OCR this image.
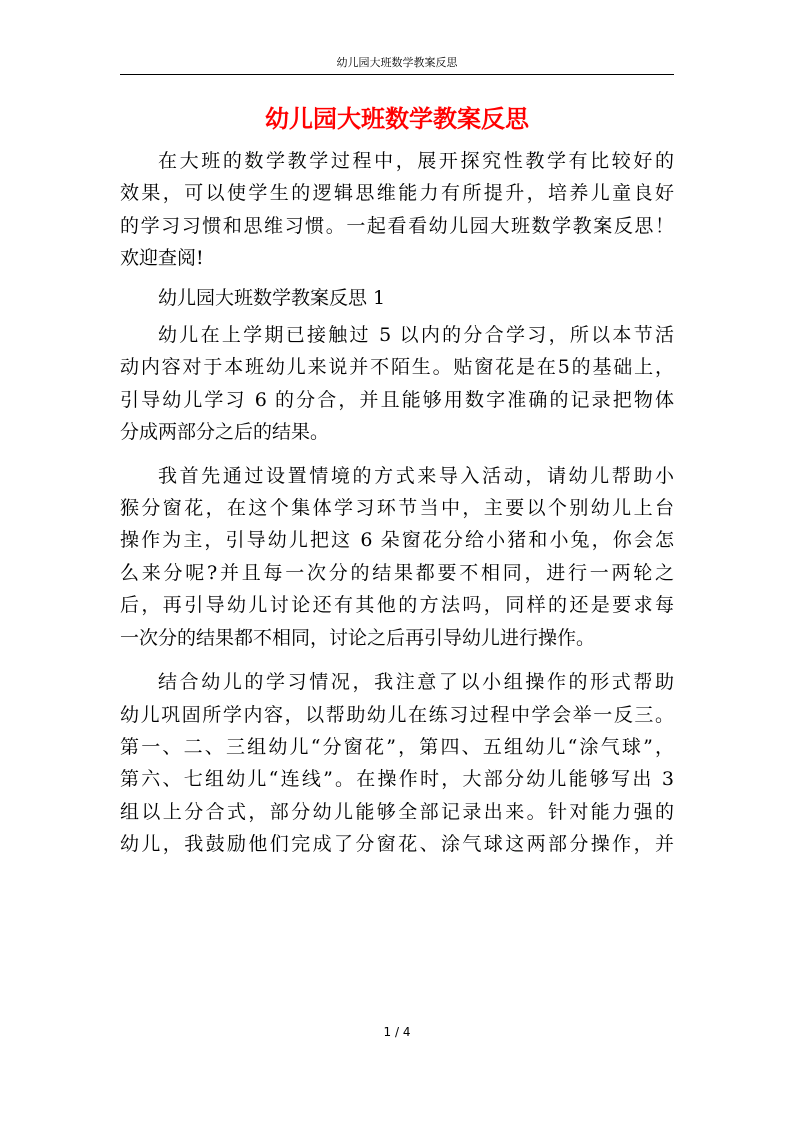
幼儿园大班数学教案反思
幼儿园大班数学教案反思

在大班的数学教学过程中，展开探究性教学有比较好的
效果，可以使学生的逻辑思维能力有所提升，培养儿童良好
的学习习惯和思维习惯。一起看看幼儿园大班数学教案反思！
欢迎查阅!

幼儿园大班数学教案反思 1

幼儿在上学期已接触过 5 以内的分合学习，所以本节活
动内容对于本班幼儿来说并不陌生。贴窗花是在5的基础上，
引导幼儿学习 6 的分合，并且能够用数字准确的记录把物体
分成两部分之后的结果。

我首先通过设置情境的方式来导入活动，请幼儿帮助小
猴分窗花，在这个集体学习环节当中，主要以个别幼儿上台
操作为主，引导幼儿把这 6 朵窗花分给小猪和小兔，你会怎
么来分呢?并且每一次分的结果都要不相同，进行一两轮之
后，再引导幼儿讨论还有其他的方法吗，同样的还是要求每
一次分的结果都不相同，讨论之后再引导幼儿进行操作。

结合幼儿的学习情况，我注意了以小组操作的形式帮助
幼儿巩固所学内容，以帮助幼儿在练习过程中学会举一反三。
第一、二、三组幼儿“分窗花”，第四、五组幼儿“涂气球”，
第六、七组幼儿“连线”。在操作时，大部分幼儿能够写出 3
组以上分合式，部分幼儿能够全部记录出来。针对能力强的
幼儿，我鼓励他们完成了分窗花、涂气球这两部分操作，并

1 / 4
